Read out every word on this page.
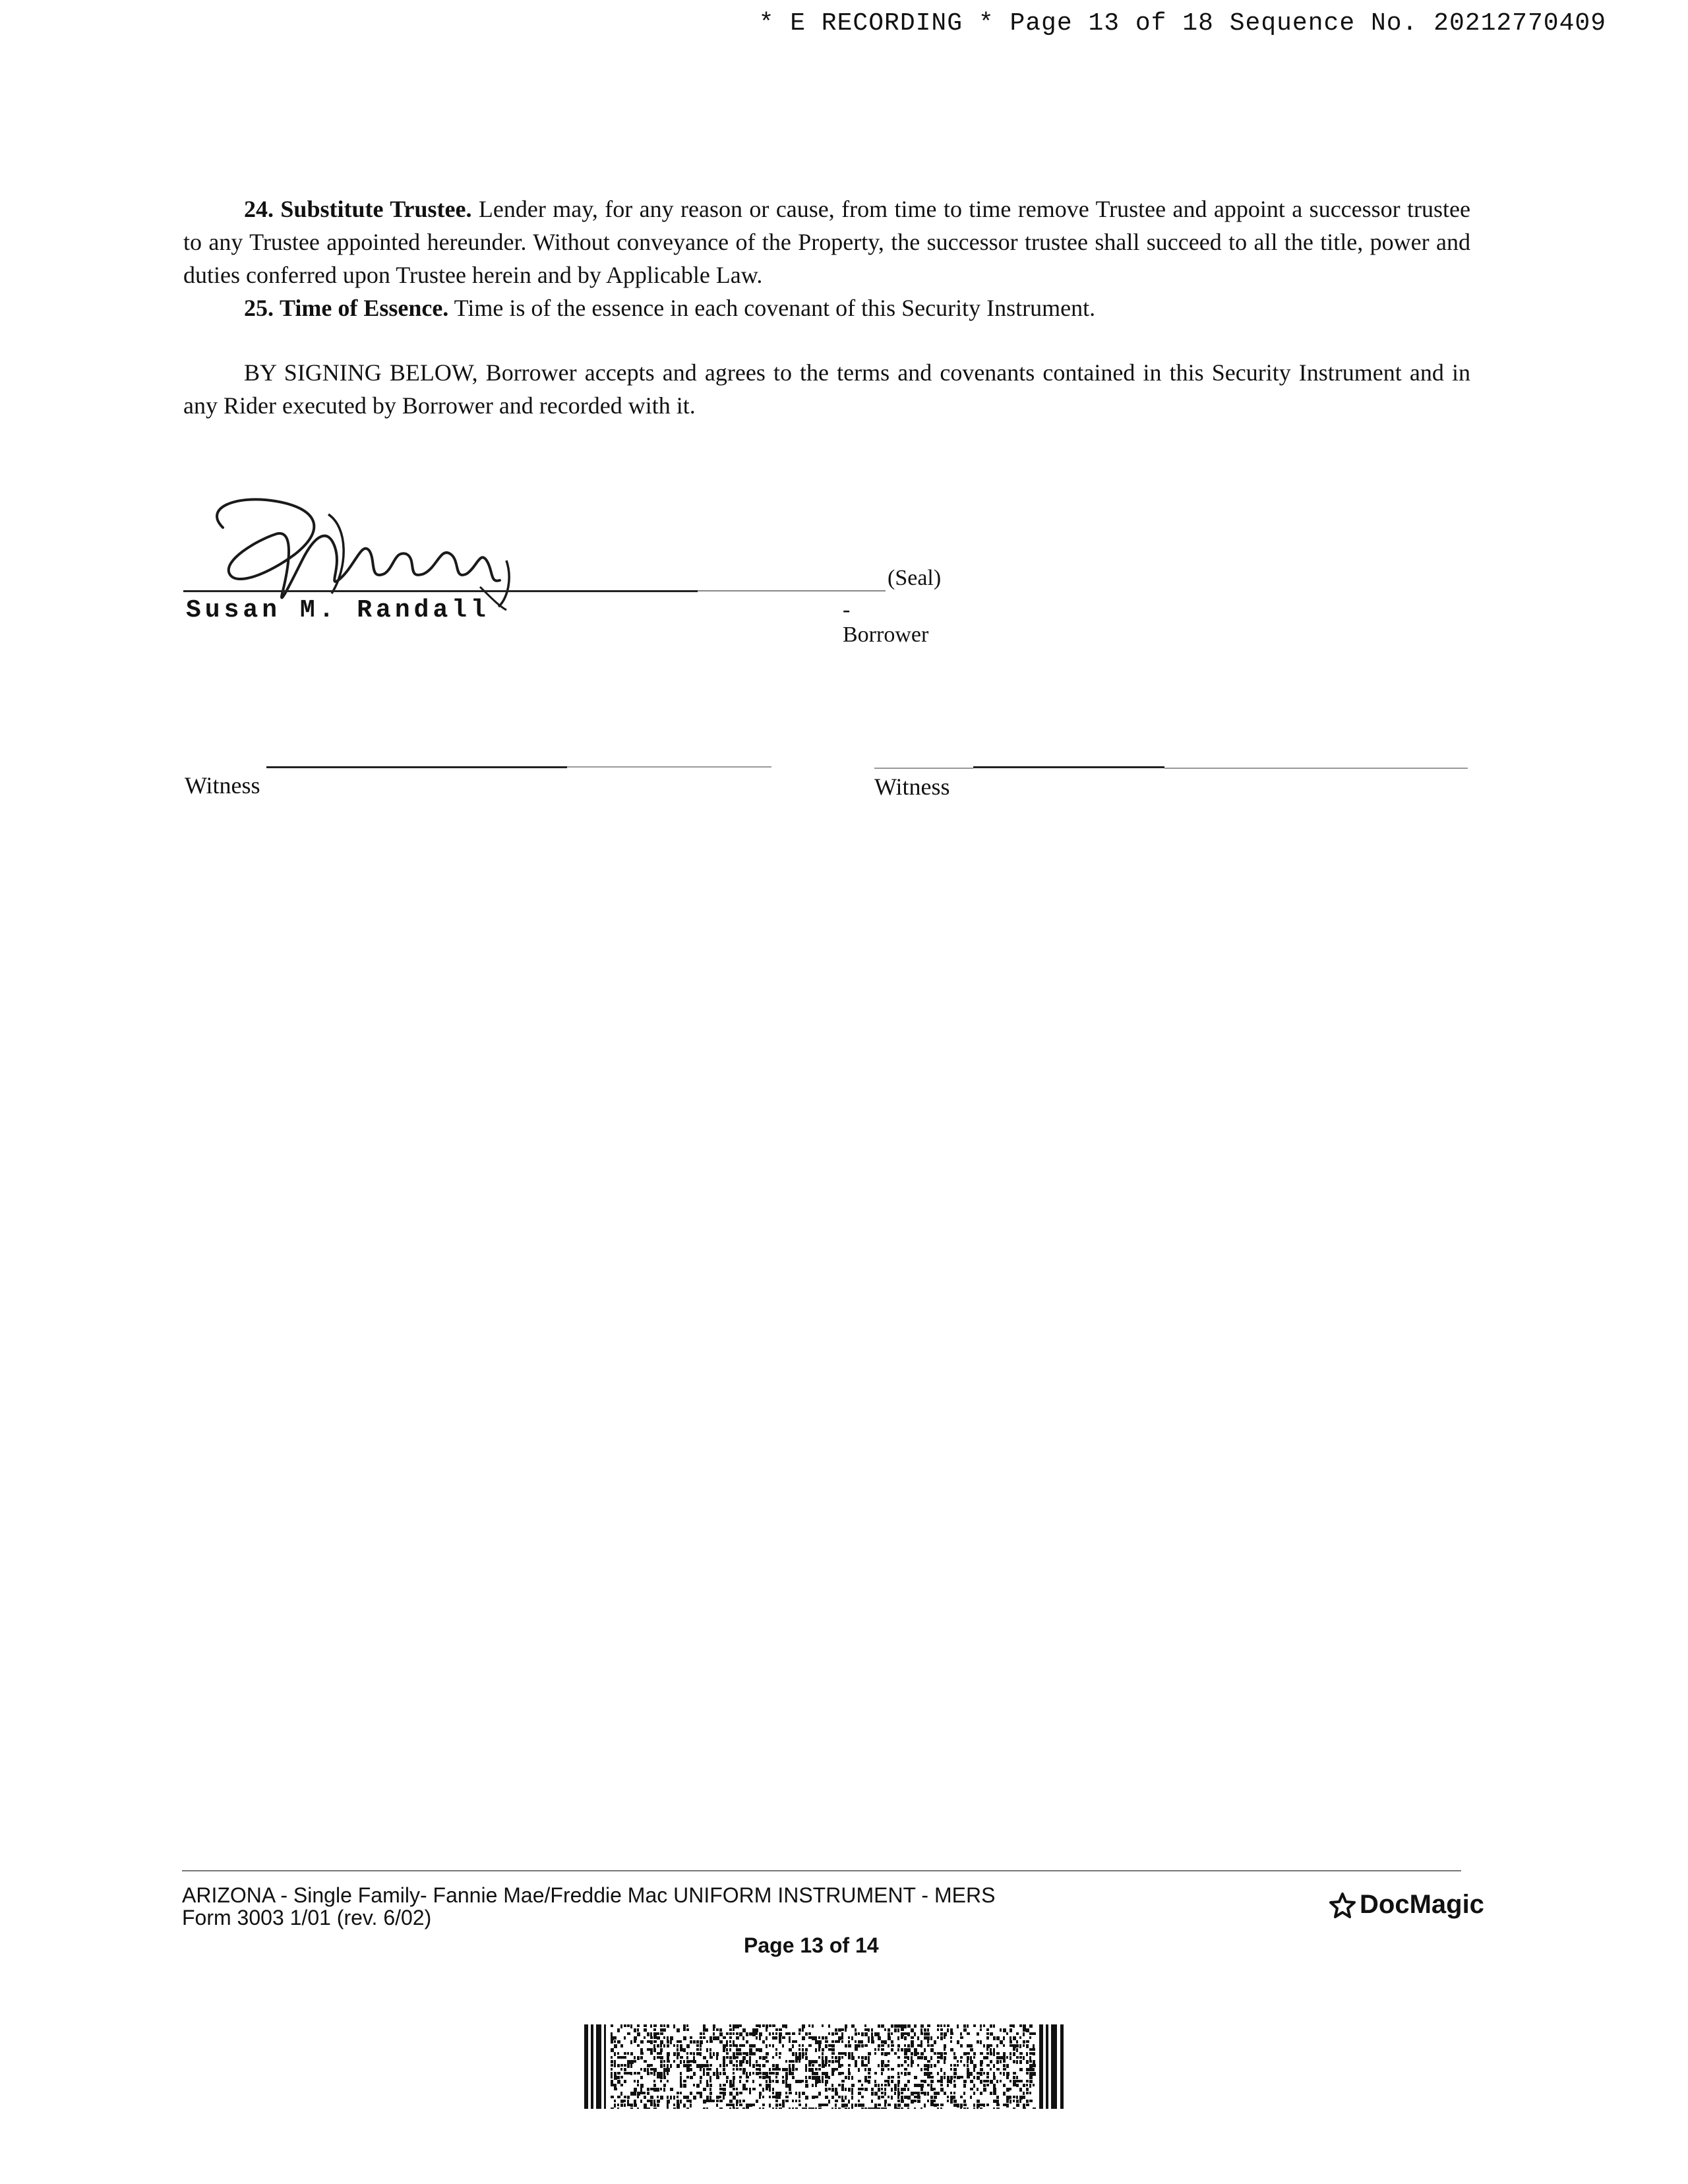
* E RECORDING * Page 13 of 18 Sequence No. 20212770409

24. Substitute Trustee. Lender may, for any reason or cause, from time to time remove Trustee and appoint a successor trustee to any Trustee appointed hereunder. Without conveyance of the Property, the successor trustee shall succeed to all the title, power and duties conferred upon Trustee herein and by Applicable Law.

25. Time of Essence. Time is of the essence in each covenant of this Security Instrument.

BY SIGNING BELOW, Borrower accepts and agrees to the terms and covenants contained in this Security Instrument and in any Rider executed by Borrower and recorded with it.

Susan M. Randall
(Seal)
-Borrower
Witness	Witness
ARIZONA - Single Family- Fannie Mae/Freddie Mac UNIFORM INSTRUMENT - MERS
Form 3003 1/01 (rev. 6/02)
Page 13 of 14
DocMagic
